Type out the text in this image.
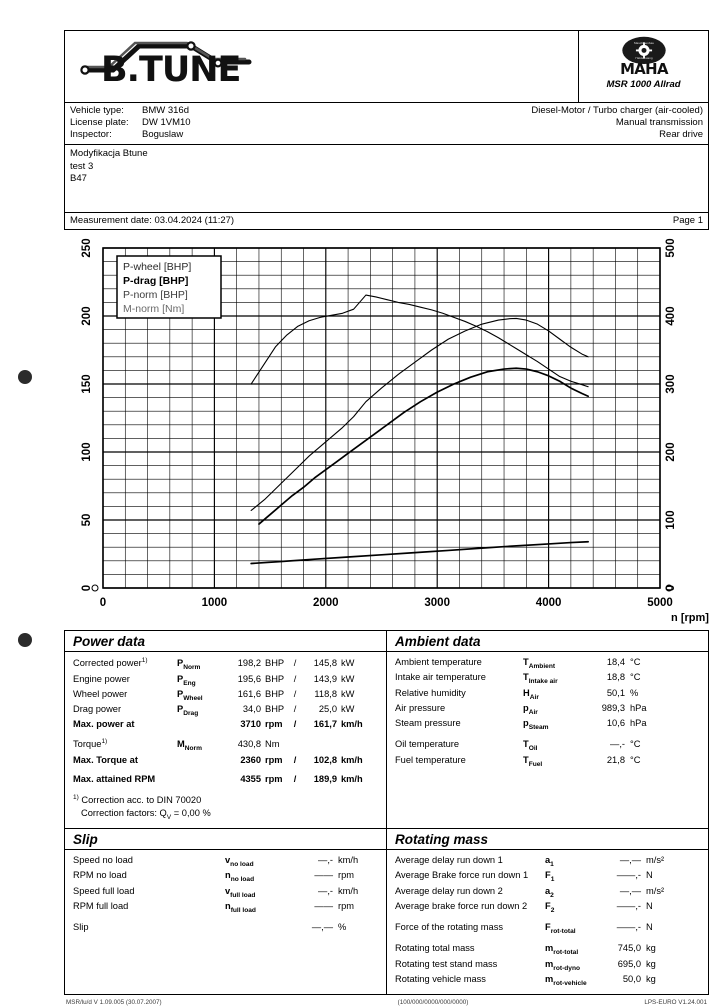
B.TUNE
Maschinenbau
Haldenwang
MAHA
MSR 1000 Allrad
Vehicle type:	BMW 316d
License plate:	DW 1VM10
Inspector:	Boguslaw
Diesel-Motor / Turbo charger (air-cooled)
Manual transmission
Rear drive
Modyfikacja Btune
test 3
B47
Measurement date: 03.04.2024 (11:27)	Page 1
0
50
100
150
200
250
0
100
200
300
400
500
0	1000	2000	3000	4000	5000
n [rpm]
P-wheel [BHP]
P-drag [BHP]
P-norm [BHP]
M-norm [Nm]
Power data
Corrected power$^{1)}$	$P_{Norm}$	198,2 BHP	/	145,8 kW
Engine power	$P_{Eng}$	195,6 BHP	/	143,9 kW
Wheel power	$P_{Wheel}$	161,6 BHP	/	118,8 kW
Drag power	$P_{Drag}$	34,0 BHP	/	25,0 kW
Max. power at	3710 rpm	/	161,7 km/h
Torque$^{1)}$	$M_{Norm}$	430,8 Nm
Max. Torque at	2360 rpm	/	102,8 km/h
Max. attained RPM	4355 rpm	/	189,9 km/h
$^{1)}$ Correction acc. to DIN 70020
Correction factors: $Q_V = 0,00$ %
Ambient data
Ambient temperature	$T_{Ambient}$	18,4 °C
Intake air temperature	$T_{Intake air}$	18,8 °C
Relative humidity	$H_{Air}$	50,1 %
Air pressure	$p_{Air}$	989,3 hPa
Steam pressure	$p_{Steam}$	10,6 hPa
Oil temperature	$T_{Oil}$	—,- °C
Fuel temperature	$T_{Fuel}$	21,8 °C
Slip
Speed no load	$v_{no load}$	—,- km/h
RPM no load	$n_{no load}$	—— rpm
Speed full load	$v_{full load}$	—,- km/h
RPM full load	$n_{full load}$	—— rpm
Slip	—,— %
Rotating mass
Average delay run down 1	$a_1$	—,— m/s²
Average Brake force run down 1	$F_1$	——,- N
Average delay run down 2	$a_2$	—,— m/s²
Average brake force run down 2	$F_2$	——,- N
Force of the rotating mass	$F_{rot-total}$	——,- N
Rotating total mass	$m_{rot-total}$	745,0 kg
Rotating test stand mass	$m_{rot-dyno}$	695,0 kg
Rotating vehicle mass	$m_{rot-vehicle}$	50,0 kg
MSR/lu/d V 1.09.005 (30.07.2007)	(100/000/0000/000/0000)	LPS-EURO V1.24.001
